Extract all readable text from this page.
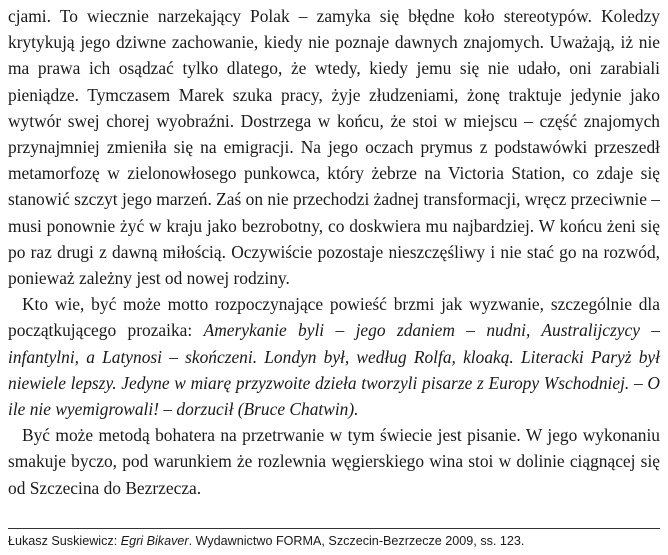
cjami. To wiecznie narzekający Polak – zamyka się błędne koło stereotypów. Koledzy krytykują jego dziwne zachowanie, kiedy nie poznaje dawnych znajomych. Uważają, iż nie ma prawa ich osądzać tylko dlatego, że wtedy, kiedy jemu się nie udało, oni zarabiali pieniądze. Tymczasem Marek szuka pracy, żyje złudzeniami, żonę traktuje jedynie jako wytwór swej chorej wyobraźni. Dostrzega w końcu, że stoi w miejscu – część znajomych przynajmniej zmieniła się na emigracji. Na jego oczach prymus z podstawówki przeszedł metamorfozę w zielonowłosego punkowca, który żebrze na Victoria Station, co zdaje się stanowić szczyt jego marzeń. Zaś on nie przechodzi żadnej transformacji, wręcz przeciwnie – musi ponownie żyć w kraju jako bezrobotny, co doskwiera mu najbardziej. W końcu żeni się po raz drugi z dawną miłością. Oczywiście pozostaje nieszczęśliwy i nie stać go na rozwód, ponieważ zależny jest od nowej rodziny.

Kto wie, być może motto rozpoczynające powieść brzmi jak wyzwanie, szczególnie dla początkującego prozaika: Amerykanie byli – jego zdaniem – nudni, Australijczycy – infantylni, a Latynosi – skończeni. Londyn był, według Rolfa, kloaką. Literacki Paryż był niewiele lepszy. Jedyne w miarę przyzwoite dzieła tworzyli pisarze z Europy Wschodniej. – O ile nie wyemigrowali! – dorzucił (Bruce Chatwin).

Być może metodą bohatera na przetrwanie w tym świecie jest pisanie. W jego wykonaniu smakuje byczo, pod warunkiem że rozlewnia węgierskiego wina stoi w dolinie ciągnącej się od Szczecina do Bezrzecza.

Łukasz Suskiewicz: Egri Bikaver. Wydawnictwo FORMA, Szczecin-Bezrzecze 2009, ss. 123.
